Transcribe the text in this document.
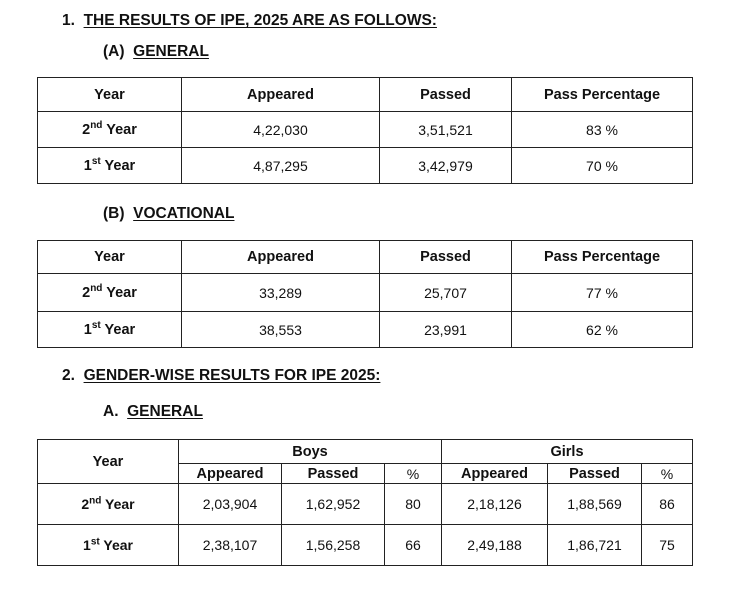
1. THE RESULTS OF IPE, 2025 ARE AS FOLLOWS:
(A) GENERAL
Year	Appeared	Passed	Pass Percentage
2nd Year	4,22,030	3,51,521	83 %
1st Year	4,87,295	3,42,979	70 %
(B) VOCATIONAL
Year	Appeared	Passed	Pass Percentage
2nd Year	33,289	25,707	77 %
1st Year	38,553	23,991	62 %
2. GENDER-WISE RESULTS FOR IPE 2025:
A. GENERAL
Year	Boys			Girls		
	Appeared	Passed	%	Appeared	Passed	%
2nd Year	2,03,904	1,62,952	80	2,18,126	1,88,569	86
1st Year	2,38,107	1,56,258	66	2,49,188	1,86,721	75
